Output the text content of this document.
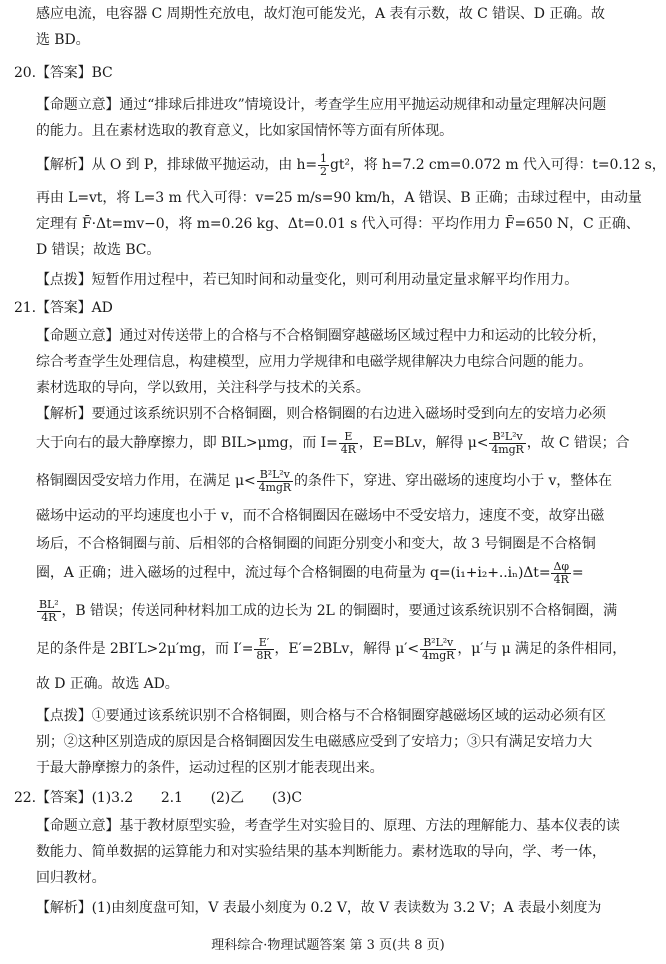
感应电流，电容器 C 周期性充放电，故灯泡可能发光，A 表有示数，故 C 错误、D 正确。故
选 BD。
20.【答案】BC
【命题立意】通过“排球后排进攻”情境设计，考查学生应用平抛运动规律和动量定理解决问题
的能力。且在素材选取的教育意义，比如家国情怀等方面有所体现。
【解析】从 O 到 P，排球做平抛运动，由 $h= \frac{1}{2} gt^2$，将 h=7.2 cm=0.072 m 代入可得：t=0.12 s，
再由 L=vt，将 L=3 m 代入可得：v=25 m/s=90 km/h，A 错误、B 正确；击球过程中，由动量
定理有 F̄·Δt=mv−0，将 m=0.26 kg、Δt=0.01 s 代入可得：平均作用力 F̄=650 N，C 正确、
D 错误；故选 BC。
【点拨】短暂作用过程中，若已知时间和动量变化，则可利用动量定量求解平均作用力。
21.【答案】AD
【命题立意】通过对传送带上的合格与不合格铜圈穿越磁场区域过程中力和运动的比较分析，
综合考查学生处理信息，构建模型，应用力学规律和电磁学规律解决力电综合问题的能力。
素材选取的导向，学以致用，关注科学与技术的关系。
【解析】要通过该系统识别不合格铜圈，则合格铜圈的右边进入磁场时受到向左的安培力必须
大于向右的最大静摩擦力，即 BIL>μmg，而 $I= \frac{E}{4R}$ ，E=BLv，解得 $\mu< \frac{\text{B²L²v}}{\text{4mgR}}$ ，故 C 错误；合
格铜圈因受安培力作用，在满足 $\mu< \frac{\text{B²L²v}}{\text{4mgR}}$ 的条件下，穿进、穿出磁场的速度均小于 v，整体在
磁场中运动的平均速度也小于 v，而不合格铜圈因在磁场中不受安培力，速度不变，故穿出磁
场后，不合格铜圈与前、后相邻的合格铜圈的间距分别变小和变大，故 3 号铜圈是不合格铜
圈，A 正确；进入磁场的过程中，流过每个合格铜圈的电荷量为 $q=(i_1+i_2+..i_n)\Delta t= \frac{\Delta\varphi}{4R}$ =
$\frac{\text{BL²}}{4R}$ ，B 错误；传送同种材料加工成的边长为 2L 的铜圈时，要通过该系统识别不合格铜圈，满
足的条件是 2BI′L>2μ′mg，而 $I'= \frac{E'}{8R}$ ，E′=2BLv，解得 $\mu'< \frac{\text{B²L²v}}{\text{4mgR}}$ ，μ′与 μ 满足的条件相同，
故 D 正确。故选 AD。
【点拨】①要通过该系统识别不合格铜圈，则合格与不合格铜圈穿越磁场区域的运动必须有区
别；②这种区别造成的原因是合格铜圈因发生电磁感应受到了安培力；③只有满足安培力大
于最大静摩擦力的条件，运动过程的区别才能表现出来。
22.【答案】(1)3.2　　2.1　　(2)乙　　(3)C
【命题立意】基于教材原型实验，考查学生对实验目的、原理、方法的理解能力、基本仪表的读
数能力、简单数据的运算能力和对实验结果的基本判断能力。素材选取的导向，学、考一体，
回归教材。
【解析】(1)由刻度盘可知，V 表最小刻度为 0.2 V，故 V 表读数为 3.2 V；A 表最小刻度为
理科综合·物理试题答案 第 3 页(共 8 页)
